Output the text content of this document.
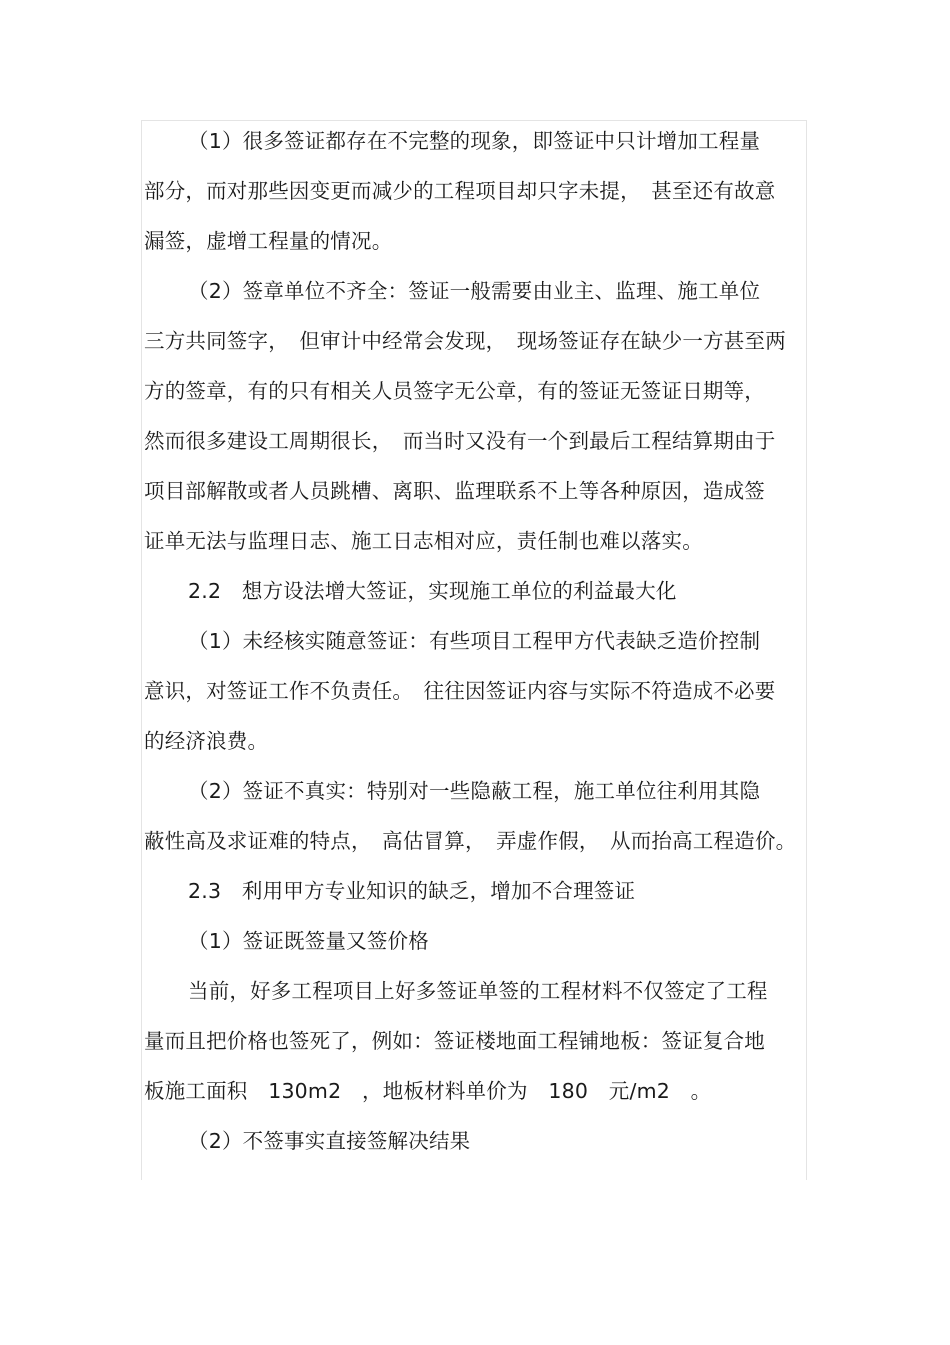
（1）很多签证都存在不完整的现象，即签证中只计增加工程量
部分，而对那些因变更而减少的工程项目却只字未提，　甚至还有故意
漏签，虚增工程量的情况。
（2）签章单位不齐全：签证一般需要由业主、监理、施工单位
三方共同签字，　但审计中经常会发现，　现场签证存在缺少一方甚至两
方的签章，有的只有相关人员签字无公章，有的签证无签证日期等，
然而很多建设工周期很长，　而当时又没有一个到最后工程结算期由于
项目部解散或者人员跳槽、离职、监理联系不上等各种原因，造成签
证单无法与监理日志、施工日志相对应，责任制也难以落实。
2.2　想方设法增大签证，实现施工单位的利益最大化
（1）未经核实随意签证：有些项目工程甲方代表缺乏造价控制
意识，对签证工作不负责任。　往往因签证内容与实际不符造成不必要
的经济浪费。
（2）签证不真实：特别对一些隐蔽工程，施工单位往利用其隐
蔽性高及求证难的特点，　高估冒算，　弄虚作假，　从而抬高工程造价。
2.3　利用甲方专业知识的缺乏，增加不合理签证
（1）签证既签量又签价格
当前，好多工程项目上好多签证单签的工程材料不仅签定了工程
量而且把价格也签死了，例如：签证楼地面工程铺地板：签证复合地
板施工面积　130m2　，地板材料单价为　180　元/m2　。
（2）不签事实直接签解决结果
